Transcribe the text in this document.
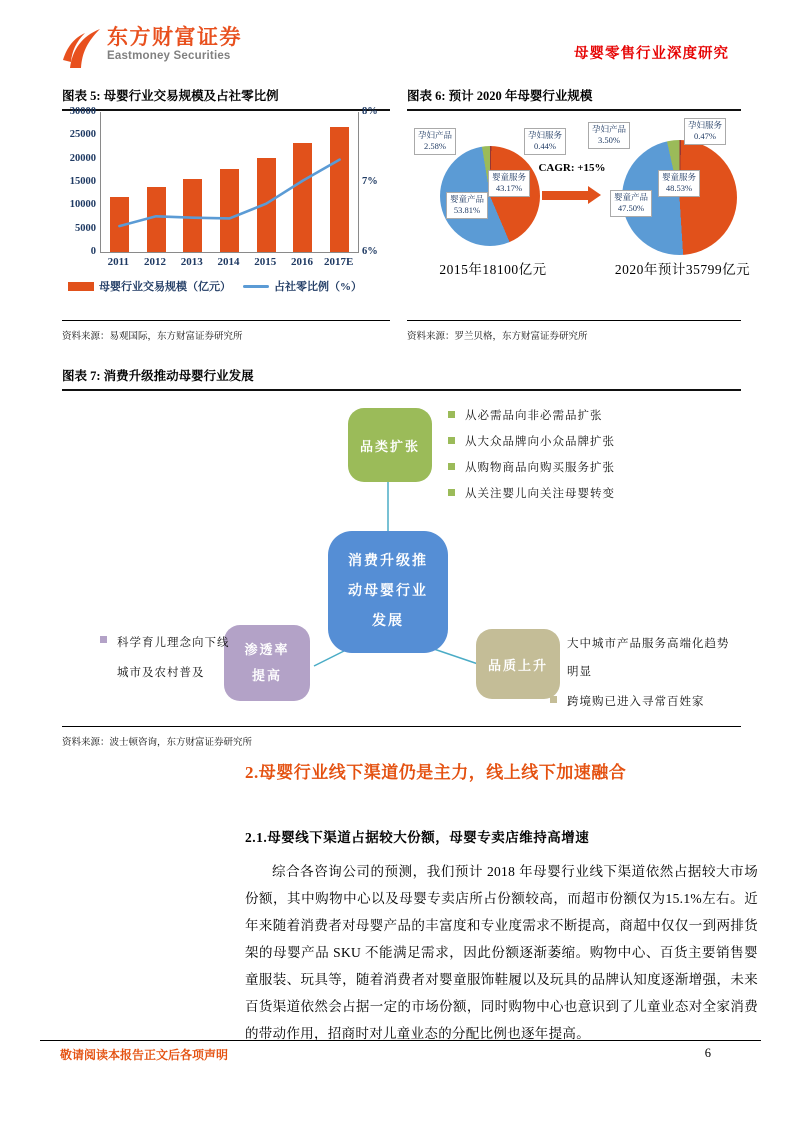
东方财富证券
Eastmoney Securities	母婴零售行业深度研究
图表 5: 母婴行业交易规模及占社零比例
30000
25000
20000
15000
10000
5000
0	6%
7%
8%
2011	2012	2013	2014	2015	2016	2017E
母婴行业交易规模（亿元）	占社零比例（%）
资料来源：易观国际，东方财富证券研究所
图表 6: 预计 2020 年母婴行业规模
CAGR: +15%
2015年18100亿元	2020年预计35799亿元
孕妇服务
0.44%
婴童服务
43.17%
婴童产品
53.81%
孕妇产品
2.58%
孕妇服务
0.47%
婴童服务
48.53%
婴童产品
47.50%
孕妇产品
3.50%
资料来源：罗兰贝格，东方财富证券研究所
图表 7: 消费升级推动母婴行业发展
品类扩张
消费升级推动母婴行业发展
渗透率提高
品质上升
从必需品向非必需品扩张
从大众品牌向小众品牌扩张
从购物商品向购买服务扩张
从关注婴儿向关注母婴转变
科学育儿理念向下线城市及农村普及
大中城市产品服务高端化趋势明显
跨境购已进入寻常百姓家
资料来源：波士顿咨询，东方财富证券研究所
2.母婴行业线下渠道仍是主力，线上线下加速融合
2.1.母婴线下渠道占据较大份额，母婴专卖店维持高增速
综合各咨询公司的预测，我们预计 2018 年母婴行业线下渠道依然占据较大市场份额，其中购物中心以及母婴专卖店所占份额较高，而超市份额仅为15.1%左右。近年来随着消费者对母婴产品的丰富度和专业度需求不断提高，商超中仅仅一到两排货架的母婴产品 SKU 不能满足需求，因此份额逐渐萎缩。购物中心、百货主要销售婴童服装、玩具等，随着消费者对婴童服饰鞋履以及玩具的品牌认知度逐渐增强，未来百货渠道依然会占据一定的市场份额，同时购物中心也意识到了儿童业态对全家消费的带动作用，招商时对儿童业态的分配比例也逐年提高。
敬请阅读本报告正文后各项声明	6
